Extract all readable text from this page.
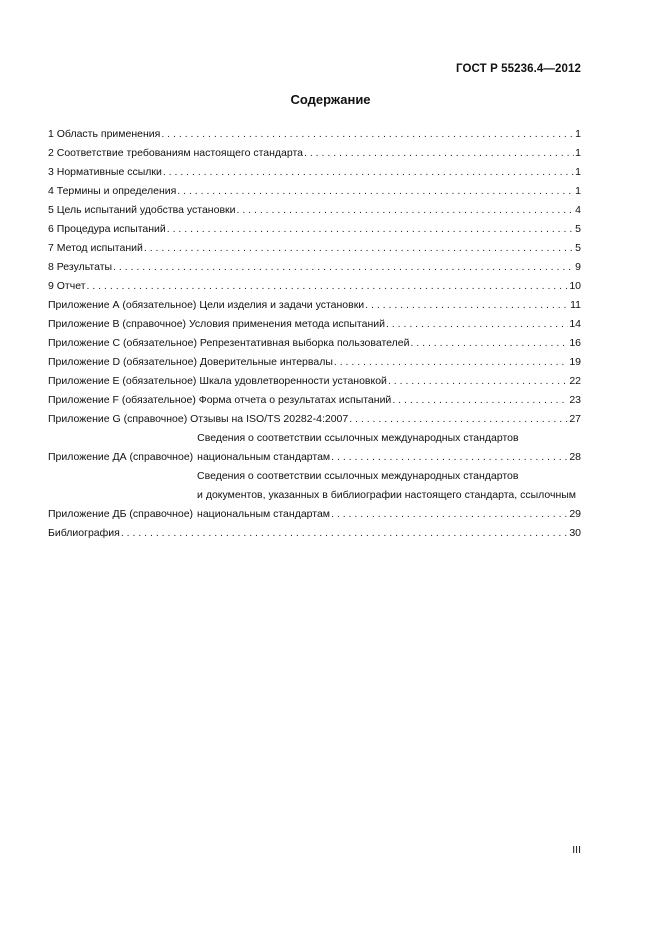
ГОСТ Р 55236.4—2012
Содержание
1 Область применения . . .	1
2 Соответствие требованиям настоящего стандарта . . .	1
3 Нормативные ссылки . . .	1
4 Термины и определения . . .	1
5 Цель испытаний удобства установки . . .	4
6 Процедура испытаний . . .	5
7 Метод испытаний . . .	5
8 Результаты . . .	9
9 Отчет . . .	10
Приложение А (обязательное) Цели изделия и задачи установки . . .	11
Приложение В (справочное) Условия применения метода испытаний . . .	14
Приложение С (обязательное) Репрезентативная выборка пользователей . . .	16
Приложение D (обязательное) Доверительные интервалы . . .	19
Приложение Е (обязательное) Шкала удовлетворенности установкой . . .	22
Приложение F (обязательное) Форма отчета о результатах испытаний . . .	23
Приложение G (справочное) Отзывы на ISO/TS 20282-4:2007 . . .	27
Приложение ДА (справочное)
Сведения о соответствии ссылочных международных стандартов
национальным стандартам . . .	28
Приложение ДБ (справочное)
Сведения о соответствии ссылочных международных стандартов
и документов, указанных в библиографии настоящего стандарта, ссылочным
национальным стандартам . . .	29
Библиография . . .	30
III
